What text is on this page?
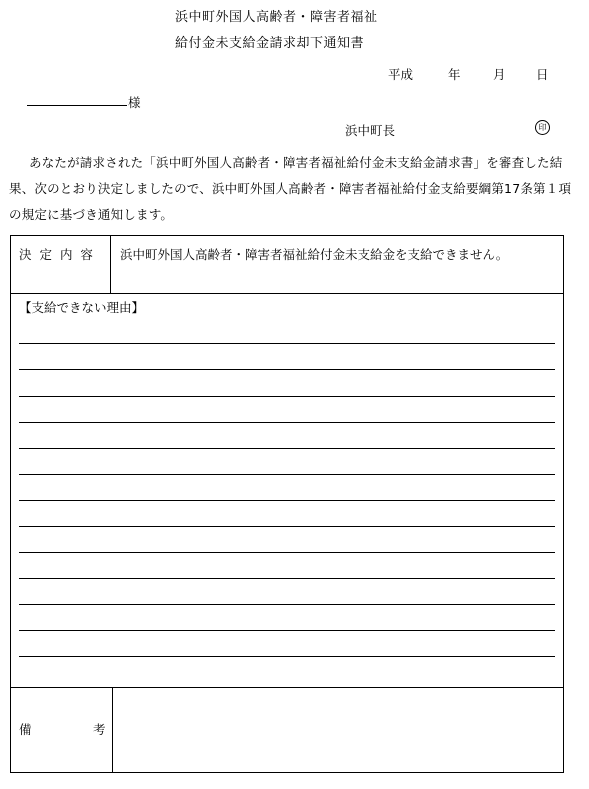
浜中町外国人高齢者・障害者福祉
給付金未支給金請求却下通知書
平成	年	月 日
様
浜中町長	印
あなたが請求された「浜中町外国人高齢者・障害者福祉給付金未支給金請求書」を審査した結果、次のとおり決定しましたので、浜中町外国人高齢者・障害者福祉給付金支給要綱第17条第１項の規定に基づき通知します。
決 定 内 容 浜中町外国人高齢者・障害者福祉給付金未支給金を支給できません。
【支給できない理由】
備	考
